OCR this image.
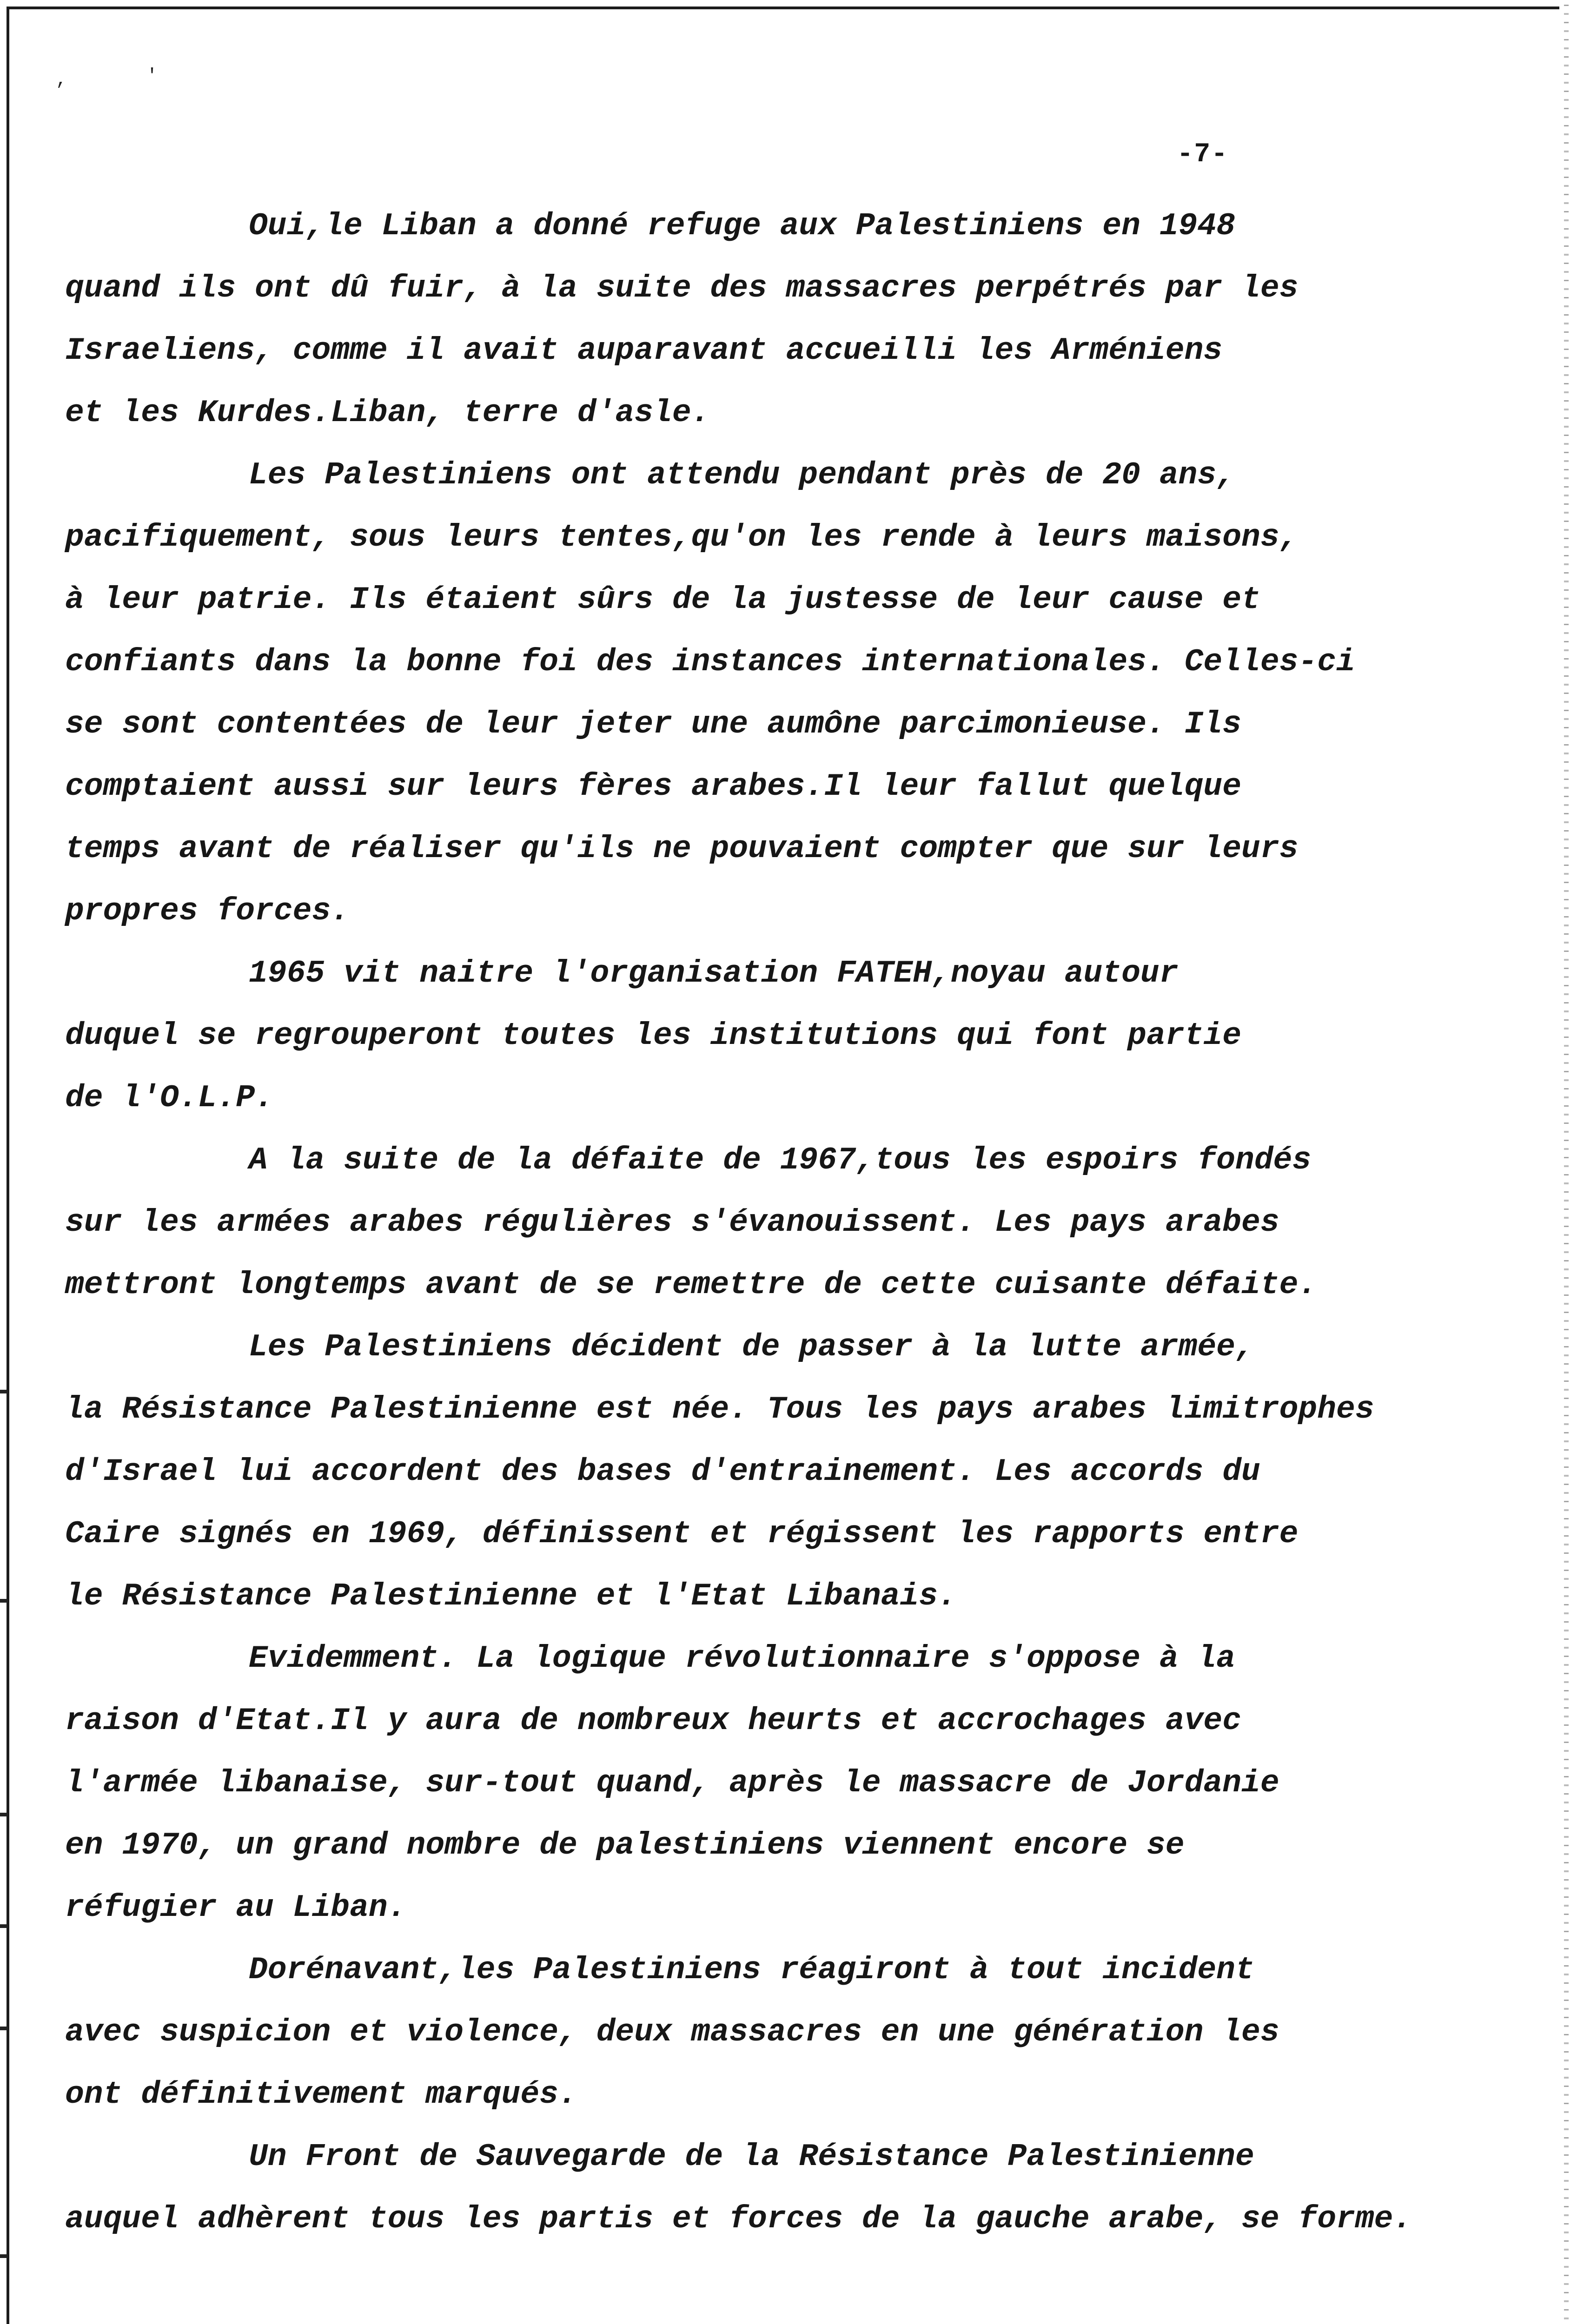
,	'
-7-
Oui,le Liban a donné refuge aux Palestiniens en 1948
quand ils ont dû fuir, à la suite des massacres perpétrés par les
Israeliens, comme il avait auparavant accueilli les Arméniens
et les Kurdes.Liban, terre d'asle.
Les Palestiniens ont attendu pendant près de 20 ans,
pacifiquement, sous leurs tentes,qu'on les rende à leurs maisons,
à leur patrie. Ils étaient sûrs de la justesse de leur cause et
confiants dans la bonne foi des instances internationales. Celles-ci
se sont contentées de leur jeter une aumône parcimonieuse. Ils
comptaient aussi sur leurs fères arabes.Il leur fallut quelque
temps avant de réaliser qu'ils ne pouvaient compter que sur leurs
propres forces.
1965 vit naitre l'organisation FATEH,noyau autour
duquel se regrouperont toutes les institutions qui font partie
de l'O.L.P.
A la suite de la défaite de 1967,tous les espoirs fondés
sur les armées arabes régulières s'évanouissent. Les pays arabes
mettront longtemps avant de se remettre de cette cuisante défaite.
Les Palestiniens décident de passer à la lutte armée,
la Résistance Palestinienne est née. Tous les pays arabes limitrophes
d'Israel lui accordent des bases d'entrainement. Les accords du
Caire signés en 1969, définissent et régissent les rapports entre
le Résistance Palestinienne et l'Etat Libanais.
Evidemment. La logique révolutionnaire s'oppose à la
raison d'Etat.Il y aura de nombreux heurts et accrochages avec
l'armée libanaise, sur-tout quand, après le massacre de Jordanie
en 1970, un grand nombre de palestiniens viennent encore se
réfugier au Liban.
Dorénavant,les Palestiniens réagiront à tout incident
avec suspicion et violence, deux massacres en une génération les
ont définitivement marqués.
Un Front de Sauvegarde de la Résistance Palestinienne
auquel adhèrent tous les partis et forces de la gauche arabe, se forme.
